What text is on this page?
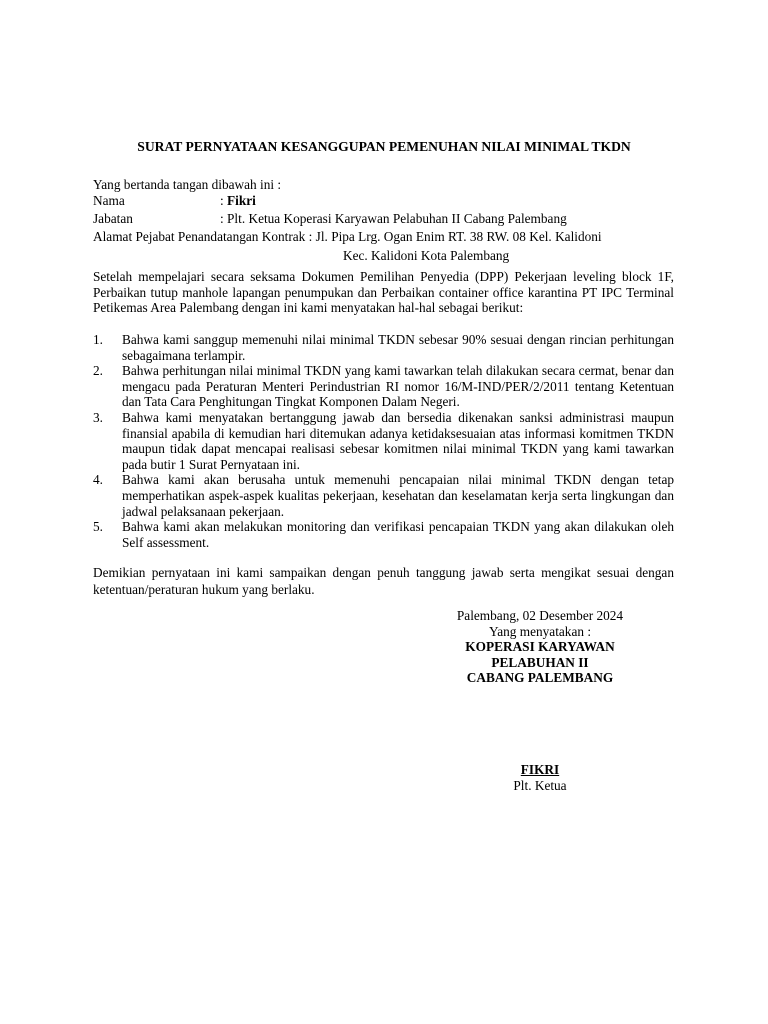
SURAT PERNYATAAN KESANGGUPAN PEMENUHAN NILAI MINIMAL TKDN
Yang bertanda tangan dibawah ini :
Nama	: Fikri
Jabatan	: Plt. Ketua Koperasi Karyawan Pelabuhan II Cabang Palembang
Alamat Pejabat Penandatangan Kontrak : Jl. Pipa Lrg. Ogan Enim RT. 38 RW. 08 Kel. Kalidoni
Kec. Kalidoni Kota Palembang
Setelah mempelajari secara seksama Dokumen Pemilihan Penyedia (DPP) Pekerjaan leveling block 1F, Perbaikan tutup manhole lapangan penumpukan dan Perbaikan container office karantina PT IPC Terminal Petikemas Area Palembang dengan ini kami menyatakan hal-hal sebagai berikut:
1. Bahwa kami sanggup memenuhi nilai minimal TKDN sebesar 90% sesuai dengan rincian perhitungan sebagaimana terlampir.
2. Bahwa perhitungan nilai minimal TKDN yang kami tawarkan telah dilakukan secara cermat, benar dan mengacu pada Peraturan Menteri Perindustrian RI nomor 16/M-IND/PER/2/2011 tentang Ketentuan dan Tata Cara Penghitungan Tingkat Komponen Dalam Negeri.
3. Bahwa kami menyatakan bertanggung jawab dan bersedia dikenakan sanksi administrasi maupun finansial apabila di kemudian hari ditemukan adanya ketidaksesuaian atas informasi komitmen TKDN maupun tidak dapat mencapai realisasi sebesar komitmen nilai minimal TKDN yang kami tawarkan pada butir 1 Surat Pernyataan ini.
4. Bahwa kami akan berusaha untuk memenuhi pencapaian nilai minimal TKDN dengan tetap memperhatikan aspek-aspek kualitas pekerjaan, kesehatan dan keselamatan kerja serta lingkungan dan jadwal pelaksanaan pekerjaan.
5. Bahwa kami akan melakukan monitoring dan verifikasi pencapaian TKDN yang akan dilakukan oleh Self assessment.
Demikian pernyataan ini kami sampaikan dengan penuh tanggung jawab serta mengikat sesuai dengan ketentuan/peraturan hukum yang berlaku.
Palembang, 02 Desember 2024
Yang menyatakan :
KOPERASI KARYAWAN
PELABUHAN II
CABANG PALEMBANG
FIKRI
Plt. Ketua
